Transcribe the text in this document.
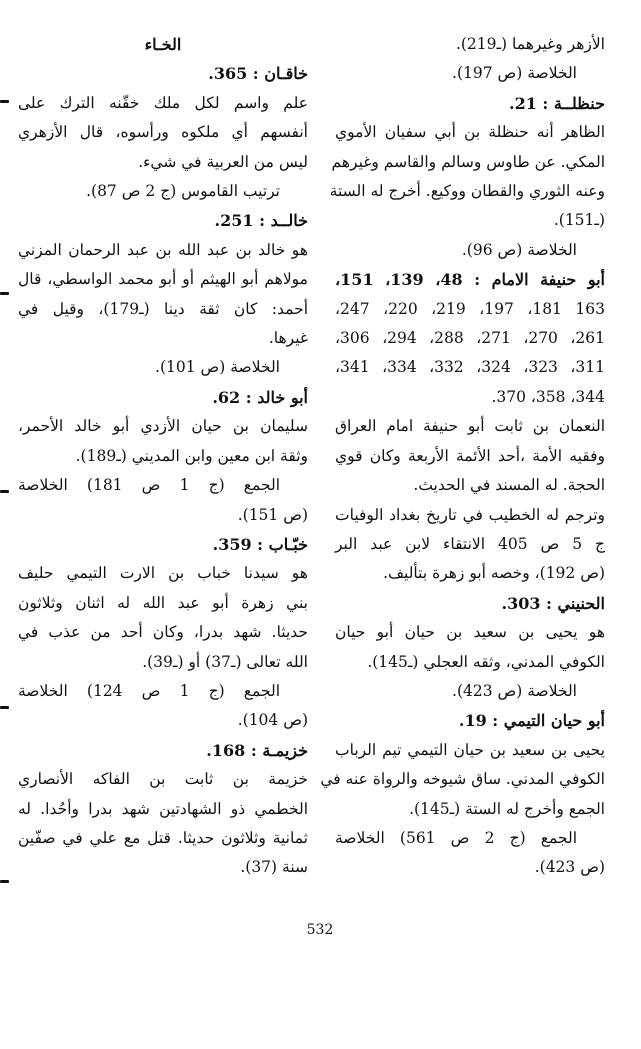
الأزهر وغيرهما (ـ219).
الخلاصة (ص 197).
حنظلــة : 21.
الظاهر أنه حنظلة بن أبي سفيان الأموي
المكي. عن طاوس وسالم والقاسم وغيرهم
وعنه الثوري والقطان ووكيع. أخرج له الستة
(ـ151).
الخلاصة (ص 96).
أبو حنيفة الامام : 48، 139، 151،
163 181، 197، 219، 220، 247،
261، 270، 271، 288، 294، 306،
311، 323، 324، 332، 334، 341،
344، 358، 370.
النعمان بن ثابت أبو حنيفة امام العراق
وفقيه الأمة ،أحد الأئمة الأربعة وكان قوي
الحجة. له المسند في الحديث.
وترجم له الخطيب في تاريخ بغداد الوفيات
ج 5 ص 405 الانتقاء لابن عبد البر
(ص 192)، وخصه أبو زهرة بتأليف.
الحنيني : 303.
هو يحيى بن سعيد بن حيان أبو حيان
الكوفي المدني، وثقه العجلي (ـ145).
الخلاصة (ص 423).
أبو حيان التيمي : 19.
يحيى بن سعيد بن حيان التيمي تيم الرباب
الكوفي المدني. ساق شيوخه والرواة عنه في
الجمع وأخرج له الستة (ـ145).
الجمع (ج 2 ص 561) الخلاصة
(ص 423).
الخـاء
خاقـان : 365.
علم واسم لكل ملك خقّنه الترك على
أنفسهم أي ملكوه ورأسوه، قال الأزهري
ليس من العربية في شيء.
ترتيب القاموس (ج 2 ص 87).
خالــد : 251.
هو خالد بن عبد الله بن عبد الرحمان المزني
مولاهم أبو الهيثم أو أبو محمد الواسطي، قال
أحمد: كان ثقة دينا (ـ179)، وقيل في
غيرها.
الخلاصة (ص 101).
أبو خالد : 62.
سليمان بن حيان الأزدي أبو خالد الأحمر،
وثقة ابن معين وابن المديني (ـ189).
الجمع (ج 1 ص 181) الخلاصة
(ص 151).
خبّـاب : 359.
هو سيدنا خباب بن الارت التيمي حليف
بني زهرة أبو عبد الله له اثنان وثلاثون
حديثا. شهد بدرا، وكان أحد من عذب في
الله تعالى (ـ37) أو (ـ39).
الجمع (ج 1 ص 124) الخلاصة
(ص 104).
خزيمـة : 168.
خزيمة بن ثابت بن الفاكه الأنصاري
الخطمي ذو الشهادتين شهد بدرا وأحُدا. له
ثمانية وثلاثون حديثا. قتل مع علي في صفّين
سنة (37).
532
